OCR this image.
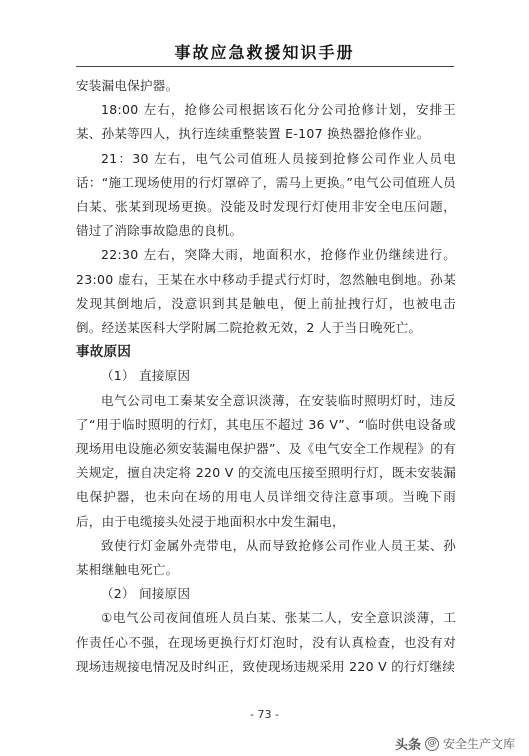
事故应急救援知识手册

安装漏电保护器。

18:00 左右，抢修公司根据该石化分公司抢修计划，安排王某、孙某等四人，执行连续重整装置 E-107 换热器抢修作业。

21：30 左右，电气公司值班人员接到抢修公司作业人员电话：“施工现场使用的行灯罩碎了，需马上更换。”电气公司值班人员白某、张某到现场更换。没能及时发现行灯使用非安全电压问题，错过了消除事故隐患的良机。

22:30 左右，突降大雨，地面积水，抢修作业仍继续进行。23:00 虚右，王某在水中移动手提式行灯时，忽然触电倒地。孙某发现其倒地后，没意识到其是触电，便上前扯拽行灯，也被电击倒。经送某医科大学附属二院抢救无效，2 人于当日晚死亡。

事故原因

（1） 直接原因

电气公司电工秦某安全意识淡薄，在安装临时照明灯时，违反了“用于临时照明的行灯，其电压不超过 36 V”、“临时供电设备或现场用电设施必须安装漏电保护器”、及《电气安全工作规程》的有关规定，擅自决定将 220 V 的交流电压接至照明行灯，既未安装漏电保护器，也未向在场的用电人员详细交待注意事项。当晚下雨后，由于电缆接头处浸于地面积水中发生漏电，

致使行灯金属外壳带电，从而导致抢修公司作业人员王某、孙某相继触电死亡。

（2） 间接原因

①电气公司夜间值班人员白某、张某二人，安全意识淡薄，工作责任心不强，在现场更换行灯灯泡时，没有认真检查，也没有对现场违规接电情况及时纠正，致使现场违规采用 220 V 的行灯继续

- 73 -
头条 @ 安全生产文库
